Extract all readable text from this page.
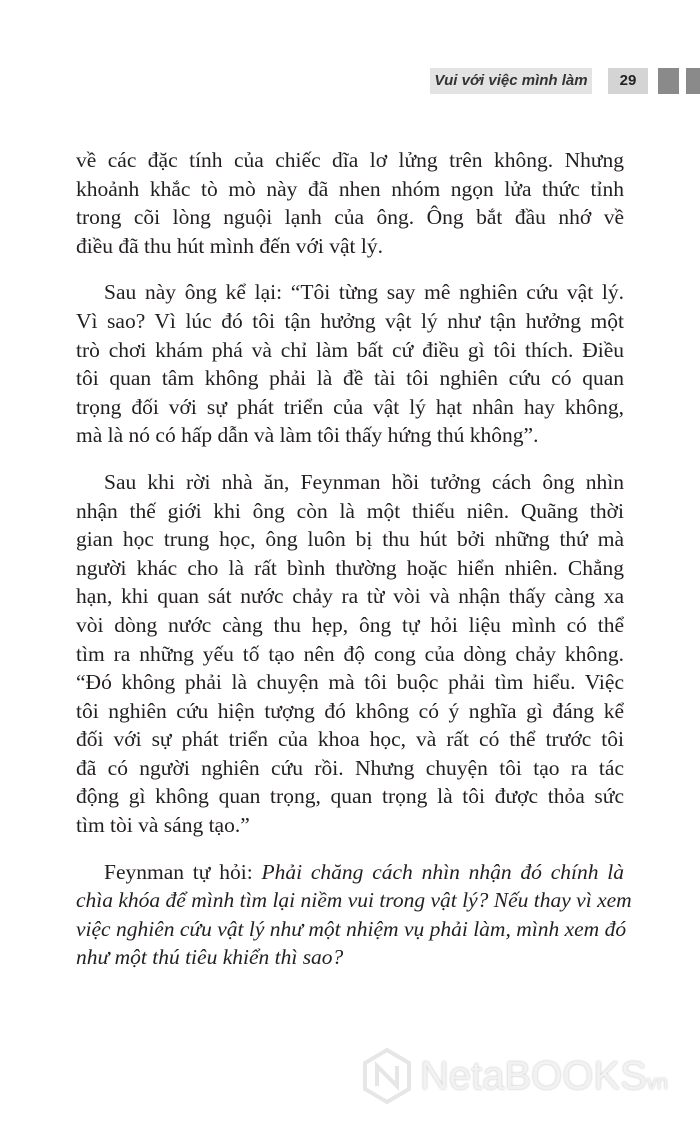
Vui với việc mình làm	29
về các đặc tính của chiếc dĩa lơ lửng trên không. Nhưng
khoảnh khắc tò mò này đã nhen nhóm ngọn lửa thức tỉnh
trong cõi lòng nguội lạnh của ông. Ông bắt đầu nhớ về
điều đã thu hút mình đến với vật lý.
Sau này ông kể lại: “Tôi từng say mê nghiên cứu vật lý.
Vì sao? Vì lúc đó tôi tận hưởng vật lý như tận hưởng một
trò chơi khám phá và chỉ làm bất cứ điều gì tôi thích. Điều
tôi quan tâm không phải là đề tài tôi nghiên cứu có quan
trọng đối với sự phát triển của vật lý hạt nhân hay không,
mà là nó có hấp dẫn và làm tôi thấy hứng thú không”.
Sau khi rời nhà ăn, Feynman hồi tưởng cách ông nhìn
nhận thế giới khi ông còn là một thiếu niên. Quãng thời
gian học trung học, ông luôn bị thu hút bởi những thứ mà
người khác cho là rất bình thường hoặc hiển nhiên. Chẳng
hạn, khi quan sát nước chảy ra từ vòi và nhận thấy càng xa
vòi dòng nước càng thu hẹp, ông tự hỏi liệu mình có thể
tìm ra những yếu tố tạo nên độ cong của dòng chảy không.
“Đó không phải là chuyện mà tôi buộc phải tìm hiểu. Việc
tôi nghiên cứu hiện tượng đó không có ý nghĩa gì đáng kể
đối với sự phát triển của khoa học, và rất có thể trước tôi
đã có người nghiên cứu rồi. Nhưng chuyện tôi tạo ra tác
động gì không quan trọng, quan trọng là tôi được thỏa sức
tìm tòi và sáng tạo.”
Feynman tự hỏi: Phải chăng cách nhìn nhận đó chính là
chìa khóa để mình tìm lại niềm vui trong vật lý? Nếu thay vì xem
việc nghiên cứu vật lý như một nhiệm vụ phải làm, mình xem đó
như một thú tiêu khiển thì sao?
NetaBOOKS vn
